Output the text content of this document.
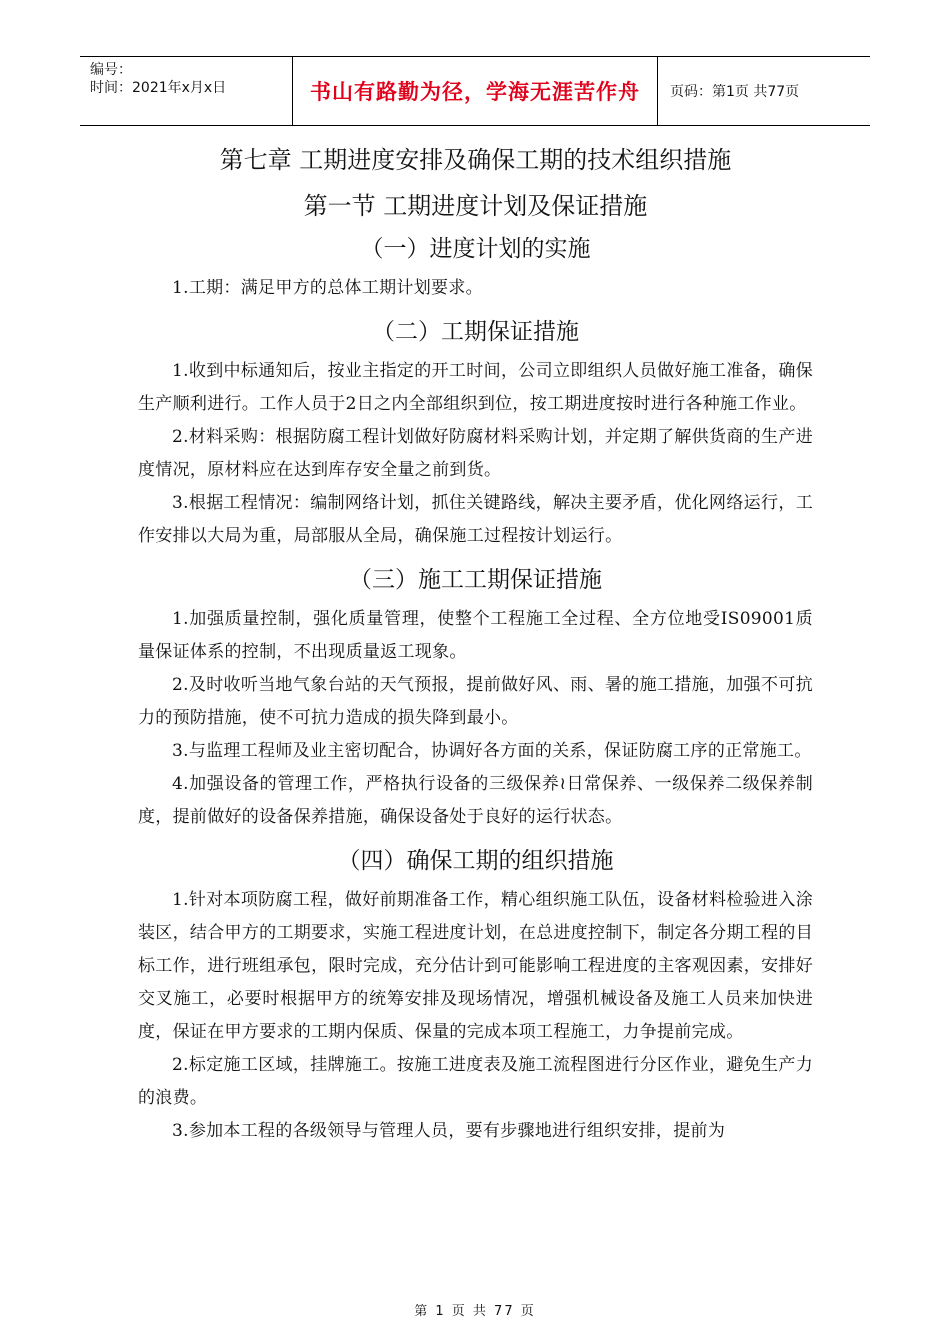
编号：
时间：2021年x月x日	书山有路勤为径，学海无涯苦作舟	页码：第1页 共77页
第七章 工期进度安排及确保工期的技术组织措施
第一节 工期进度计划及保证措施
（一）进度计划的实施

1.工期：满足甲方的总体工期计划要求。

（二）工期保证措施

1.收到中标通知后，按业主指定的开工时间，公司立即组织人员做好施工准备，确保生产顺利进行。工作人员于2日之内全部组织到位，按工期进度按时进行各种施工作业。

2.材料采购：根据防腐工程计划做好防腐材料采购计划，并定期了解供货商的生产进度情况，原材料应在达到库存安全量之前到货。

3.根据工程情况：编制网络计划，抓住关键路线，解决主要矛盾，优化网络运行，工作安排以大局为重，局部服从全局，确保施工过程按计划运行。

（三）施工工期保证措施

1.加强质量控制，强化质量管理，使整个工程施工全过程、全方位地受IS09001质量保证体系的控制，不出现质量返工现象。

2.及时收听当地气象台站的天气预报，提前做好风、雨、暑的施工措施，加强不可抗力的预防措施，使不可抗力造成的损失降到最小。

3.与监理工程师及业主密切配合，协调好各方面的关系，保证防腐工序的正常施工。

4.加强设备的管理工作，严格执行设备的三级保养≀日常保养、一级保养二级保养制度，提前做好的设备保养措施，确保设备处于良好的运行状态。

（四）确保工期的组织措施

1.针对本项防腐工程，做好前期准备工作，精心组织施工队伍，设备材料检验进入涂装区，结合甲方的工期要求，实施工程进度计划，在总进度控制下，制定各分期工程的目标工作，进行班组承包，限时完成，充分估计到可能影响工程进度的主客观因素，安排好交叉施工，必要时根据甲方的统筹安排及现场情况，增强机械设备及施工人员来加快进度，保证在甲方要求的工期内保质、保量的完成本项工程施工，力争提前完成。

2.标定施工区域，挂牌施工。按施工进度表及施工流程图进行分区作业，避免生产力的浪费。

3.参加本工程的各级领导与管理人员，要有步骤地进行组织安排，提前为

第 1 页 共 77 页
